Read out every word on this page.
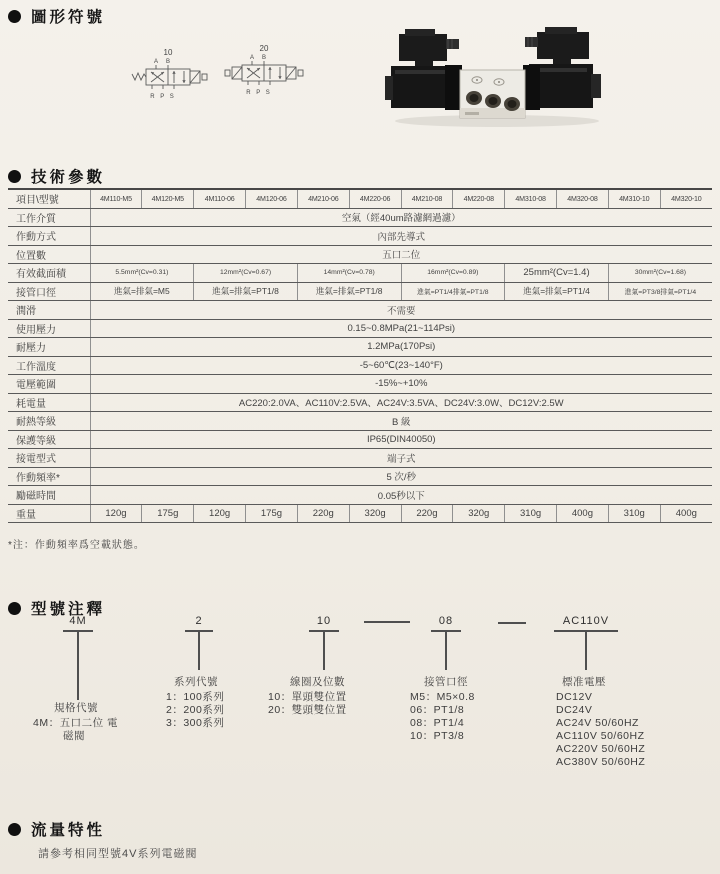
圖形符號
10
A B
R P S
20
A B
R P S
技術參數
項目\型號	4M110-M5	4M120-M5	4M110-06	4M120-06	4M210-06	4M220-06	4M210-08	4M220-08	4M310-08	4M320-08	4M310-10	4M320-10
工作介質	空氣（經40um路濾網過濾）											
作動方式	內部先導式											
位置數	五口二位											
有效截面積	5.5mm²(Cv=0.31)		12mm²(Cv=0.67)		14mm²(Cv=0.78)		16mm²(Cv=0.89)		25mm²(Cv=1.4)		30mm²(Cv=1.68)	
接管口徑	進氣=排氣=M5		進氣=排氣=PT1/8		進氣=排氣=PT1/8		進氣=PT1/4排氣=PT1/8		進氣=排氣=PT1/4		進氣=PT3/8排氣=PT1/4	
潤滑	不需要											
使用壓力	0.15~0.8MPa(21~114Psi)											
耐壓力	1.2MPa(170Psi)											
工作溫度	-5~60℃(23~140°F)											
電壓範圍	-15%~+10%											
耗電量	AC220:2.0VA、AC110V:2.5VA、AC24V:3.5VA、DC24V:3.0W、DC12V:2.5W											
耐熱等級	B 級											
保護等級	IP65(DIN40050)											
接電型式	端子式											
作動頻率*	5 次/秒											
勵磁時間	0.05秒以下											
重量	120g	175g	120g	175g	220g	320g	220g	320g	310g	400g	310g	400g
*注：作動頻率爲空載狀態。
型號注釋
4M	2	10	08	AC110V
規格代號
4M：五口二位 電
磁閥
系列代號
1：100系列
2：200系列
3：300系列
線圈及位數
10：單頭雙位置
20：雙頭雙位置
接管口徑
M5：M5×0.8
06：PT1/8
08：PT1/4
10：PT3/8
標准電壓
DC12V
DC24V
AC24V 50/60HZ
AC110V 50/60HZ
AC220V 50/60HZ
AC380V 50/60HZ
流量特性
請參考相同型號4V系列電磁閥
